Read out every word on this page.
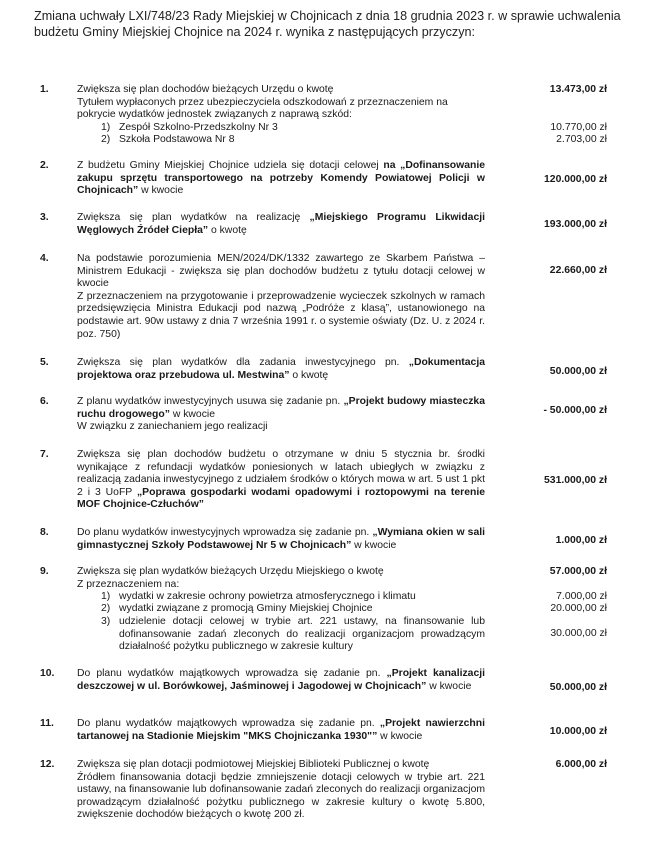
Zmiana uchwały LXI/748/23 Rady Miejskiej w Chojnicach z dnia 18 grudnia 2023 r. w sprawie uchwalenia budżetu Gminy Miejskiej Chojnice na 2024 r. wynika z następujących przyczyn:
1.	Zwiększa się plan dochodów bieżących Urzędu o kwotę

Tytułem wypłaconych przez ubezpieczyciela odszkodowań z przeznaczeniem na

pokrycie wydatków jednostek związanych z naprawą szkód:

13.473,00 zł
1) Zespół Szkolno-Przedszkolny Nr 3	10.770,00 zł
2) Szkoła Podstawowa Nr 8	2.703,00 zł
2.	Z budżetu Gminy Miejskiej Chojnice udziela się dotacji celowej na „Dofinansowanie zakupu sprzętu transportowego na potrzeby Komendy Powiatowej Policji w Chojnicach” w kwocie

120.000,00 zł
3.	Zwiększa się plan wydatków na realizację „Miejskiego Programu Likwidacji Węglowych Źródeł Ciepła” o kwotę

193.000,00 zł
4.	Na podstawie porozumienia MEN/2024/DK/1332 zawartego ze Skarbem Państwa – Ministrem Edukacji - zwiększa się plan dochodów budżetu z tytułu dotacji celowej w kwocie

Z przeznaczeniem na przygotowanie i przeprowadzenie wycieczek szkolnych w ramach przedsięwzięcia Ministra Edukacji pod nazwą „Podróże z klasą”, ustanowionego na podstawie art. 90w ustawy z dnia 7 września 1991 r. o systemie oświaty (Dz. U. z 2024 r. poz. 750)

22.660,00 zł
5.	Zwiększa się plan wydatków dla zadania inwestycyjnego pn. „Dokumentacja projektowa oraz przebudowa ul. Mestwina” o kwotę	50.000,00 zł
6.	Z planu wydatków inwestycyjnych usuwa się zadanie pn. „Projekt budowy miasteczka ruchu drogowego” w kwocie

W związku z zaniechaniem jego realizacji

- 50.000,00 zł
7.	Zwiększa się plan dochodów budżetu o otrzymane w dniu 5 stycznia br. środki wynikające z refundacji wydatków poniesionych w latach ubiegłych w związku z realizacją zadania inwestycyjnego z udziałem środków o których mowa w art. 5 ust 1 pkt 2 i 3 UoFP „Poprawa gospodarki wodami opadowymi i roztopowymi na terenie MOF Chojnice-Człuchów”

531.000,00 zł
8.	Do planu wydatków inwestycyjnych wprowadza się zadanie pn. „Wymiana okien w sali gimnastycznej Szkoły Podstawowej Nr 5 w Chojnicach” w kwocie	1.000,00 zł
9.	Zwiększa się plan wydatków bieżących Urzędu Miejskiego o kwotę

Z przeznaczeniem na:

57.000,00 zł
1) wydatki w zakresie ochrony powietrza atmosferycznego i klimatu	7.000,00 zł
2) wydatki związane z promocją Gminy Miejskiej Chojnice	20.000,00 zł
3) udzielenie dotacji celowej w trybie art. 221 ustawy, na finansowanie lub dofinansowanie zadań zleconych do realizacji organizacjom prowadzącym działalność pożytku publicznego w zakresie kultury
30.000,00 zł
10. Do planu wydatków majątkowych wprowadza się zadanie pn. „Projekt kanalizacji deszczowej w ul. Borówkowej, Jaśminowej i Jagodowej w Chojnicach” w kwocie	50.000,00 zł
11. Do planu wydatków majątkowych wprowadza się zadanie pn. „Projekt nawierzchni tartanowej na Stadionie Miejskim "MKS Chojniczanka 1930"” w kwocie	10.000,00 zł
12. Zwiększa się plan dotacji podmiotowej Miejskiej Biblioteki Publicznej o kwotę

Źródłem finansowania dotacji będzie zmniejszenie dotacji celowych w trybie art. 221 ustawy, na finansowanie lub dofinansowanie zadań zleconych do realizacji organizacjom prowadzącym działalność pożytku publicznego w zakresie kultury o kwotę 5.800, zwiększenie dochodów bieżących o kwotę 200 zł.

6.000,00 zł
